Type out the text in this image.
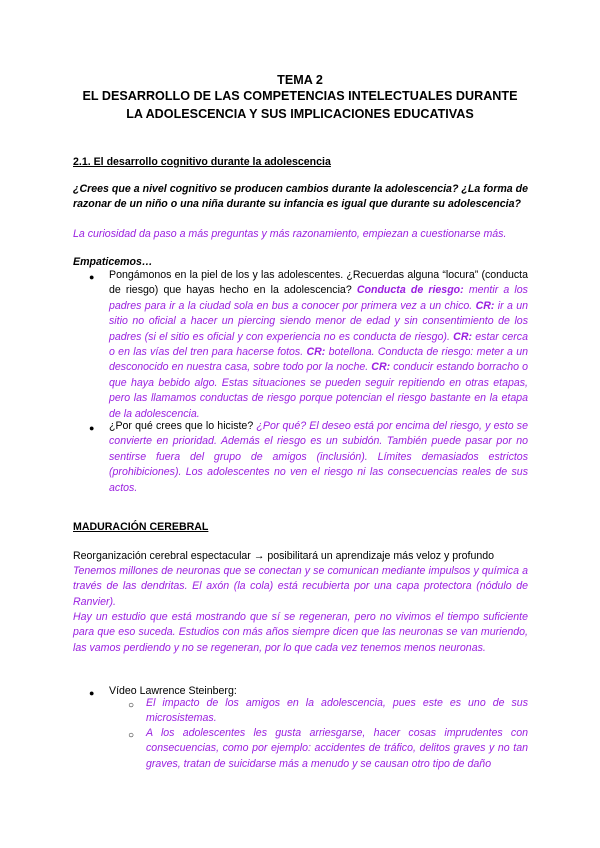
TEMA 2
EL DESARROLLO DE LAS COMPETENCIAS INTELECTUALES DURANTE
LA ADOLESCENCIA Y SUS IMPLICACIONES EDUCATIVAS
2.1. El desarrollo cognitivo durante la adolescencia
¿Crees que a nivel cognitivo se producen cambios durante la adolescencia? ¿La forma de razonar de un niño o una niña durante su infancia es igual que durante su adolescencia?
La curiosidad da paso a más preguntas y más razonamiento, empiezan a cuestionarse más.
Empaticemos…
● Pongámonos en la piel de los y las adolescentes. ¿Recuerdas alguna “locura” (conducta de riesgo) que hayas hecho en la adolescencia? Conducta de riesgo: mentir a los padres para ir a la ciudad sola en bus a conocer por primera vez a un chico. CR: ir a un sitio no oficial a hacer un piercing siendo menor de edad y sin consentimiento de los padres (si el sitio es oficial y con experiencia no es conducta de riesgo). CR: estar cerca o en las vías del tren para hacerse fotos. CR: botellona. Conducta de riesgo: meter a un desconocido en nuestra casa, sobre todo por la noche. CR: conducir estando borracho o que haya bebido algo. Estas situaciones se pueden seguir repitiendo en otras etapas, pero las llamamos conductas de riesgo porque potencian el riesgo bastante en la etapa de la adolescencia.
● ¿Por qué crees que lo hiciste? ¿Por qué? El deseo está por encima del riesgo, y esto se convierte en prioridad. Además el riesgo es un subidón. También puede pasar por no sentirse fuera del grupo de amigos (inclusión). Límites demasiados estrictos (prohibiciones). Los adolescentes no ven el riesgo ni las consecuencias reales de sus actos.
MADURACIÓN CEREBRAL
Reorganización cerebral espectacular → posibilitará un aprendizaje más veloz y profundo
Tenemos millones de neuronas que se conectan y se comunican mediante impulsos y química a través de las dendritas. El axón (la cola) está recubierta por una capa protectora (nódulo de Ranvier).
Hay un estudio que está mostrando que sí se regeneran, pero no vivimos el tiempo suficiente para que eso suceda. Estudios con más años siempre dicen que las neuronas se van muriendo, las vamos perdiendo y no se regeneran, por lo que cada vez tenemos menos neuronas.
● Vídeo Lawrence Steinberg:
○ El impacto de los amigos en la adolescencia, pues este es uno de sus microsistemas.
○ A los adolescentes les gusta arriesgarse, hacer cosas imprudentes con consecuencias, como por ejemplo: accidentes de tráfico, delitos graves y no tan graves, tratan de suicidarse más a menudo y se causan otro tipo de daño
